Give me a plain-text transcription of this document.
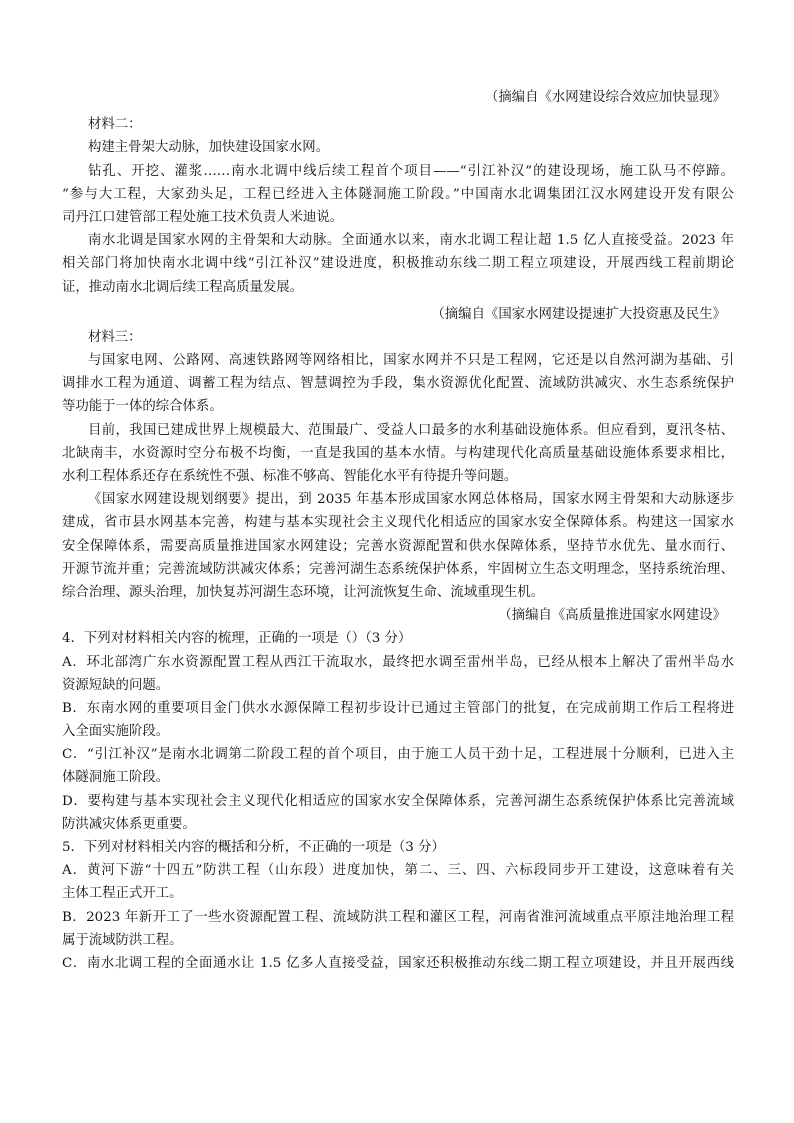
（摘编自《水网建设综合效应加快显现》
材料二：
构建主骨架大动脉，加快建设国家水网。
钻孔、开挖、灌浆……南水北调中线后续工程首个项目——“引江补汉”的建设现场，施工队马不停蹄。
“参与大工程，大家劲头足，工程已经进入主体隧洞施工阶段。”中国南水北调集团江汉水网建设开发有限公
司丹江口建管部工程处施工技术负责人米迪说。
南水北调是国家水网的主骨架和大动脉。全面通水以来，南水北调工程让超 1.5 亿人直接受益。2023 年
相关部门将加快南水北调中线“引江补汉”建设进度，积极推动东线二期工程立项建设，开展西线工程前期论
证，推动南水北调后续工程高质量发展。
（摘编自《国家水网建设提速扩大投资惠及民生》
材料三：
与国家电网、公路网、高速铁路网等网络相比，国家水网并不只是工程网，它还是以自然河湖为基础、引
调排水工程为通道、调蓄工程为结点、智慧调控为手段，集水资源优化配置、流域防洪减灾、水生态系统保护
等功能于一体的综合体系。
目前，我国已建成世界上规模最大、范围最广、受益人口最多的水利基础设施体系。但应看到，夏汛冬枯、
北缺南丰，水资源时空分布极不均衡，一直是我国的基本水情。与构建现代化高质量基础设施体系要求相比，
水利工程体系还存在系统性不强、标准不够高、智能化水平有待提升等问题。
《国家水网建设规划纲要》提出，到 2035 年基本形成国家水网总体格局，国家水网主骨架和大动脉逐步
建成，省市县水网基本完善，构建与基本实现社会主义现代化相适应的国家水安全保障体系。构建这一国家水
安全保障体系，需要高质量推进国家水网建设；完善水资源配置和供水保障体系，坚持节水优先、量水而行、
开源节流并重；完善流域防洪减灾体系；完善河湖生态系统保护体系，牢固树立生态文明理念，坚持系统治理、
综合治理、源头治理，加快复苏河湖生态环境，让河流恢复生命、流域重现生机。
（摘编自《高质量推进国家水网建设》
4．下列对材料相关内容的梳理，正确的一项是（）（3 分）
A．环北部湾广东水资源配置工程从西江干流取水，最终把水调至雷州半岛，已经从根本上解决了雷州半岛水
资源短缺的问题。
B．东南水网的重要项目金门供水水源保障工程初步设计已通过主管部门的批复，在完成前期工作后工程将进
入全面实施阶段。
C．“引江补汉”是南水北调第二阶段工程的首个项目，由于施工人员干劲十足，工程进展十分顺利，已进入主
体隧洞施工阶段。
D．要构建与基本实现社会主义现代化相适应的国家水安全保障体系，完善河湖生态系统保护体系比完善流域
防洪减灾体系更重要。
5．下列对材料相关内容的概括和分析，不正确的一项是（3 分）
A．黄河下游“十四五”防洪工程（山东段）进度加快，第二、三、四、六标段同步开工建设，这意味着有关
主体工程正式开工。
B．2023 年新开工了一些水资源配置工程、流域防洪工程和灌区工程，河南省淮河流域重点平原洼地治理工程
属于流域防洪工程。
C．南水北调工程的全面通水让 1.5 亿多人直接受益，国家还积极推动东线二期工程立项建设，并且开展西线
